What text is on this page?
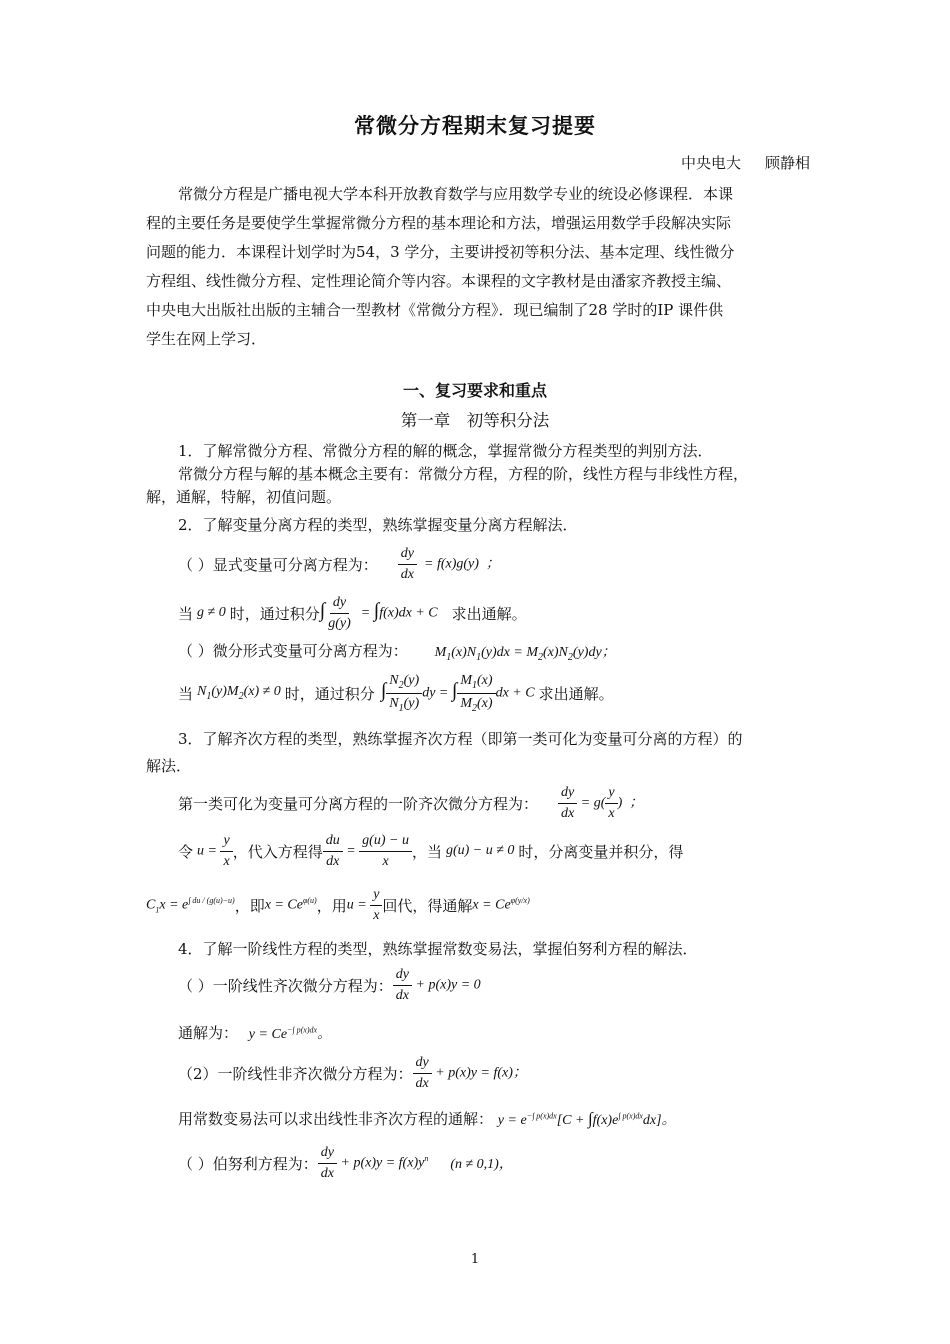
常微分方程期末复习提要
中央电大 顾静相
常微分方程是广播电视大学本科开放教育数学与应用数学专业的统设必修课程．本课
程的主要任务是要使学生掌握常微分方程的基本理论和方法，增强运用数学手段解决实际
问题的能力．本课程计划学时为54，3 学分，主要讲授初等积分法、基本定理、线性微分
方程组、线性微分方程、定性理论简介等内容。本课程的文字教材是由潘家齐教授主编、
中央电大出版社出版的主辅合一型教材《常微分方程》．现已编制了28 学时的IP 课件供
学生在网上学习．
一、复习要求和重点
第一章　初等积分法
1．了解常微分方程、常微分方程的解的概念，掌握常微分方程类型的判别方法．
常微分方程与解的基本概念主要有：常微分方程，方程的阶，线性方程与非线性方程，
解，通解，特解，初值问题。
2．了解变量分离方程的类型，熟练掌握变量分离方程解法．
（ ）显式变量可分离方程为： $\frac{dy}{dx} = f(x)g(y)$  ；
当 g ≠ 0 时，通过积分 ∫ $\frac{dy}{g(y)} = \int f(x)dx + C$ 求出通解。
（ ）微分形式变量可分离方程为： $M_1(x)N_1(y)dx = M_2(x)N_2(y)dy$；
当 $N_1(y)M_2(x) \ne 0$ 时，通过积分 ∫ $\frac{N_2(y)}{N_1(y)}$ dy = ∫ $\frac{M_1(x)}{M_2(x)}$ dx + C 求出通解。
3．了解齐次方程的类型，熟练掌握齐次方程（即第一类可化为变量可分离的方程）的
解法．
第一类可化为变量可分离方程的一阶齐次微分方程为： $\frac{dy}{dx} = g( \frac{y}{x}$ )  ；
令 $u = \frac{y}{x}$ ，代入方程得 $\frac{du}{dx} = \frac{g(u) - u}{x}$ ，当 g(u) − u ≠ 0 时，分离变量并积分，得
$C_1x = e^{\int du / (g(u)-u)}$ ，即 $x = Ce^{\varphi(u)}$ ，用 $u = \frac{y}{x}$ 回代，得通解 $x = Ce^{\varphi(y/x)}$
4．了解一阶线性方程的类型，熟练掌握常数变易法，掌握伯努利方程的解法．
（ ）一阶线性齐次微分方程为： $\frac{dy}{dx} + p(x)y = 0$
通解为： $y = Ce^{-\int p(x)dx}$。
（2）一阶线性非齐次微分方程为： $\frac{dy}{dx} + p(x)y = f(x)$；
用常数变易法可以求出线性非齐次方程的通解： $y = e^{-\int p(x)dx}[C + \int f(x)e^{\int p(x)dx}dx]$。
（ ）伯努利方程为： $\frac{dy}{dx} + p(x)y = f(x)y^n$ (n ≠ 0,1)，
1
